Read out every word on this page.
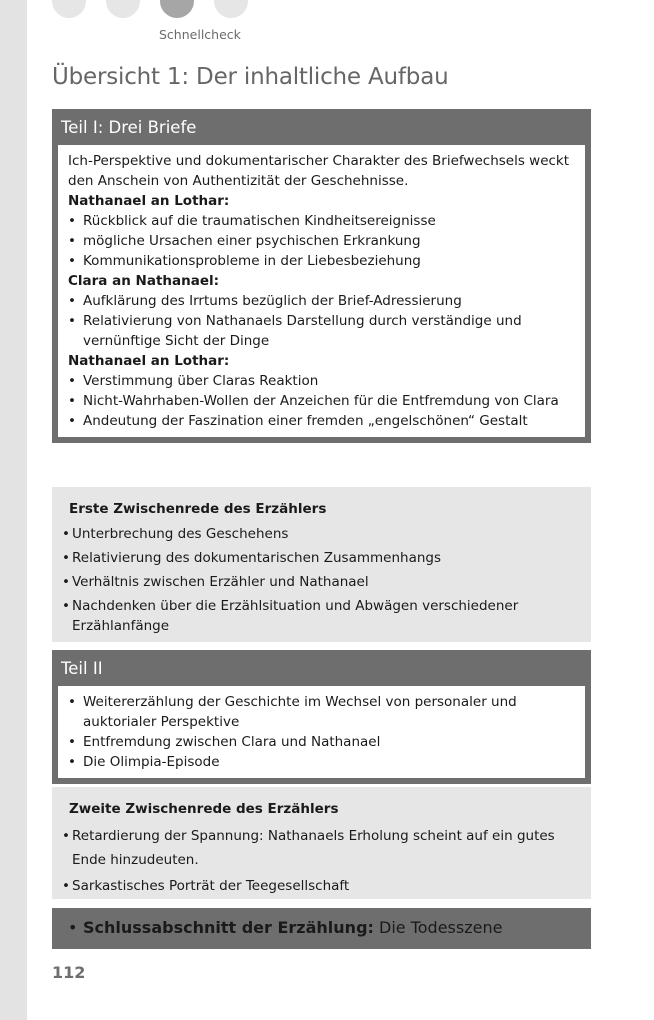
Schnellcheck
Übersicht 1: Der inhaltliche Aufbau
Teil I: Drei Briefe

Ich-Perspektive und dokumentarischer Charakter des Briefwechsels weckt den Anschein von Authentizität der Geschehnisse.

Nathanael an Lothar:

• Rückblick auf die traumatischen Kindheitsereignisse
• mögliche Ursachen einer psychischen Erkrankung
• Kommunikationsprobleme in der Liebesbeziehung

Clara an Nathanael:

• Aufklärung des Irrtums bezüglich der Brief-Adressierung
• Relativierung von Nathanaels Darstellung durch verständige und vernünftige Sicht der Dinge

Nathanael an Lothar:

• Verstimmung über Claras Reaktion
• Nicht-Wahrhaben-Wollen der Anzeichen für die Entfremdung von Clara
• Andeutung der Faszination einer fremden „engelschönen“ Gestalt
Erste Zwischenrede des Erzählers
• Unterbrechung des Geschehens
• Relativierung des dokumentarischen Zusammenhangs
• Verhältnis zwischen Erzähler und Nathanael
• Nachdenken über die Erzählsituation und Abwägen verschiedener Erzählanfänge
Teil II
• Weitererzählung der Geschichte im Wechsel von personaler und auktorialer Perspektive
• Entfremdung zwischen Clara und Nathanael
• Die Olimpia-Episode
Zweite Zwischenrede des Erzählers
• Retardierung der Spannung: Nathanaels Erholung scheint auf ein gutes Ende hinzudeuten.
• Sarkastisches Porträt der Teegesellschaft
• Schlussabschnitt der Erzählung: Die Todesszene
112
